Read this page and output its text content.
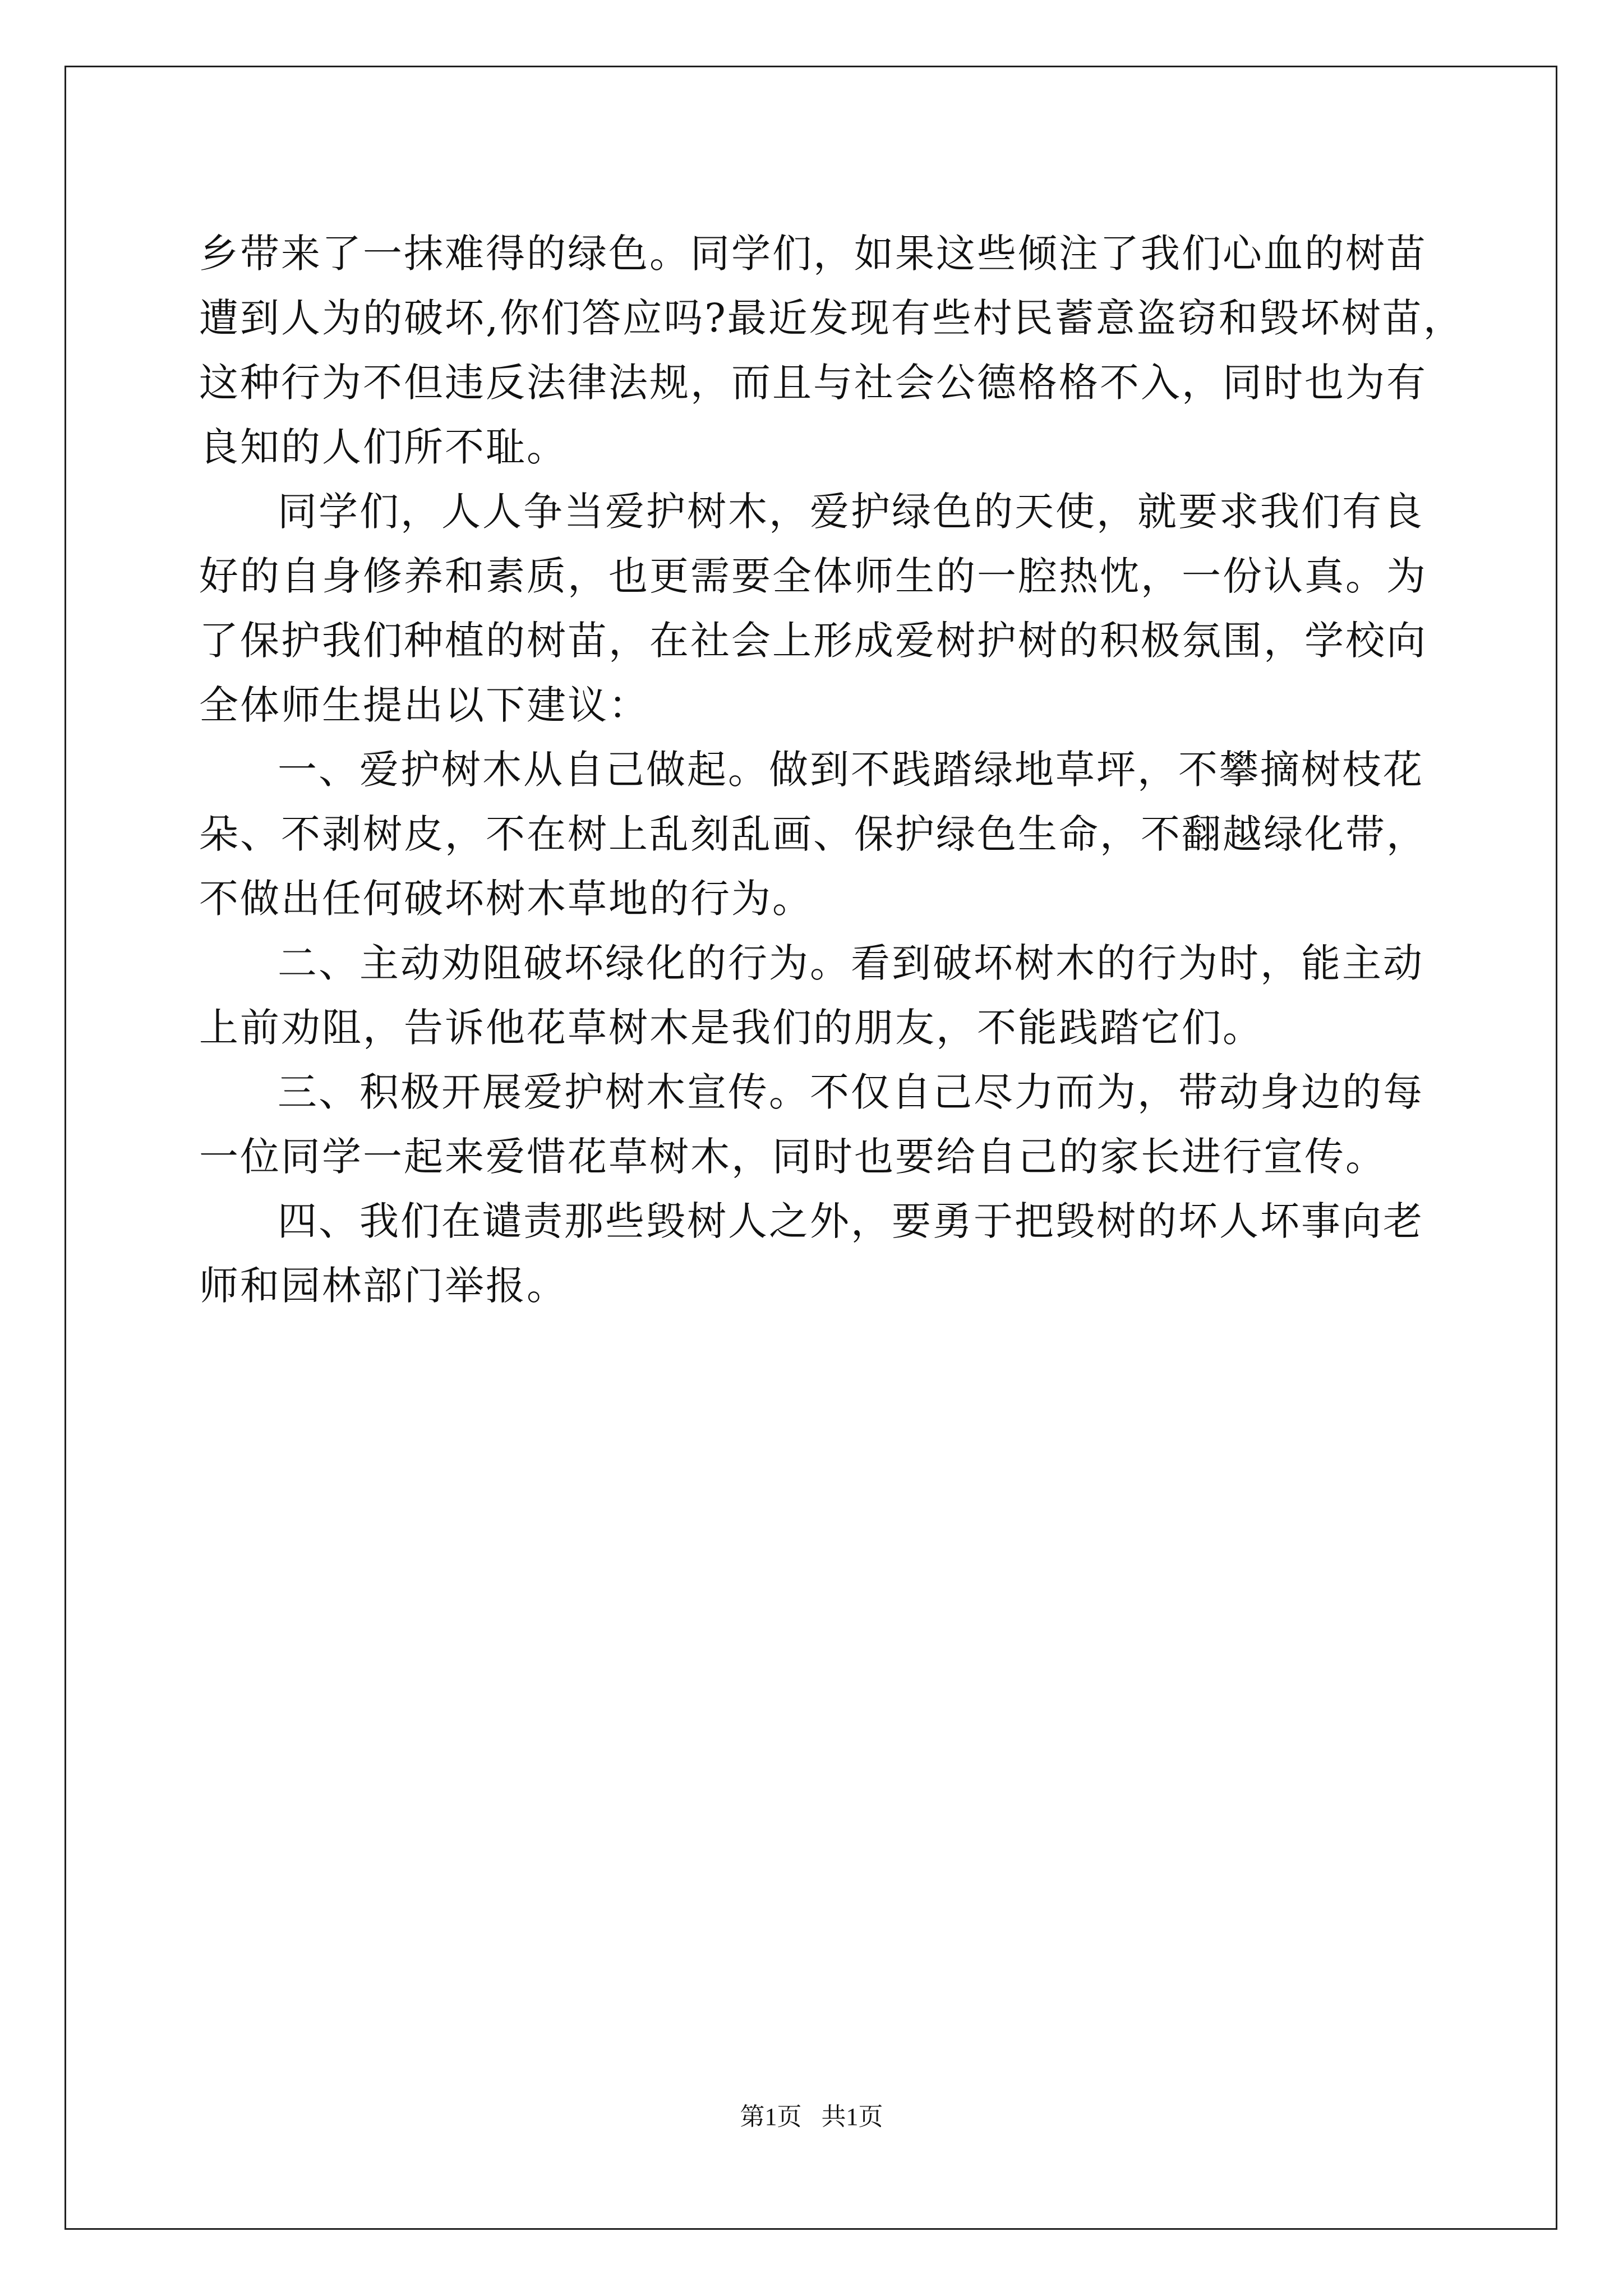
乡带来了一抹难得的绿色。同学们，如果这些倾注了我们心血的树苗
遭到人为的破坏,你们答应吗?最近发现有些村民蓄意盗窃和毁坏树苗，
这种行为不但违反法律法规，而且与社会公德格格不入，同时也为有
良知的人们所不耻。
同学们，人人争当爱护树木，爱护绿色的天使，就要求我们有良
好的自身修养和素质，也更需要全体师生的一腔热忱，一份认真。为
了保护我们种植的树苗，在社会上形成爱树护树的积极氛围，学校向
全体师生提出以下建议：
一、爱护树木从自己做起。做到不践踏绿地草坪，不攀摘树枝花
朵、不剥树皮，不在树上乱刻乱画、保护绿色生命，不翻越绿化带，
不做出任何破坏树木草地的行为。
二、主动劝阻破坏绿化的行为。看到破坏树木的行为时，能主动
上前劝阻，告诉他花草树木是我们的朋友，不能践踏它们。
三、积极开展爱护树木宣传。不仅自己尽力而为，带动身边的每
一位同学一起来爱惜花草树木，同时也要给自己的家长进行宣传。
四、我们在谴责那些毁树人之外，要勇于把毁树的坏人坏事向老
师和园林部门举报。
第1页 共1页
